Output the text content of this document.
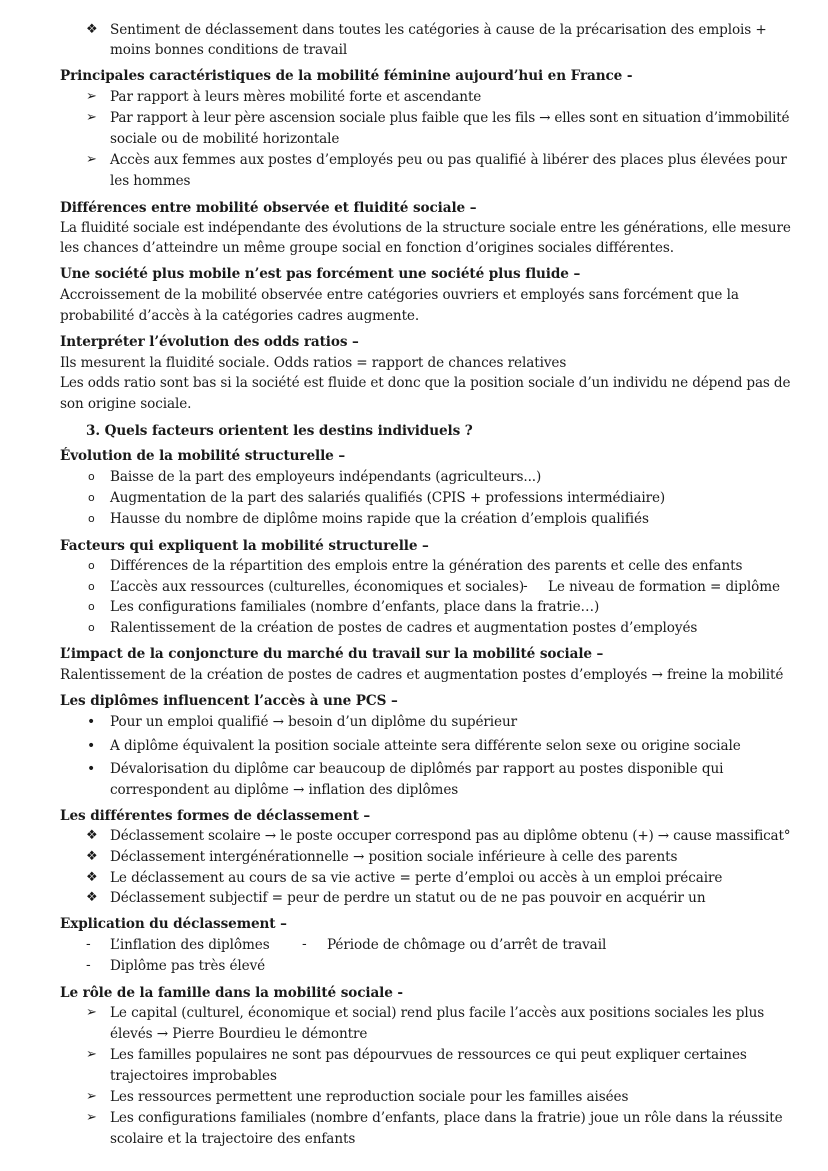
❖ Sentiment de déclassement dans toutes les catégories à cause de la précarisation des emplois +
moins bonnes conditions de travail
Principales caractéristiques de la mobilité féminine aujourd’hui en France -
➢ Par rapport à leurs mères mobilité forte et ascendante
➢ Par rapport à leur père ascension sociale plus faible que les fils → elles sont en situation d’immobilité
sociale ou de mobilité horizontale
➢ Accès aux femmes aux postes d’employés peu ou pas qualifié à libérer des places plus élevées pour
les hommes
Différences entre mobilité observée et fluidité sociale –
La fluidité sociale est indépendante des évolutions de la structure sociale entre les générations, elle mesure
les chances d’atteindre un même groupe social en fonction d’origines sociales différentes.
Une société plus mobile n’est pas forcément une société plus fluide –
Accroissement de la mobilité observée entre catégories ouvriers et employés sans forcément que la
probabilité d’accès à la catégories cadres augmente.
Interpréter l’évolution des odds ratios –
Ils mesurent la fluidité sociale. Odds ratios = rapport de chances relatives
Les odds ratio sont bas si la société est fluide et donc que la position sociale d’un individu ne dépend pas de
son origine sociale.
3. Quels facteurs orientent les destins individuels ?
Évolution de la mobilité structurelle –
o Baisse de la part des employeurs indépendants (agriculteurs...)
o Augmentation de la part des salariés qualifiés (CPIS + professions intermédiaire)
o Hausse du nombre de diplôme moins rapide que la création d’emplois qualifiés
Facteurs qui expliquent la mobilité structurelle –
o Différences de la répartition des emplois entre la génération des parents et celle des enfants
o L’accès aux ressources (culturelles, économiques et sociales)
- Le niveau de formation = diplôme
o Les configurations familiales (nombre d’enfants, place dans la fratrie…)
o Ralentissement de la création de postes de cadres et augmentation postes d’employés
L’impact de la conjoncture du marché du travail sur la mobilité sociale –
Ralentissement de la création de postes de cadres et augmentation postes d’employés → freine la mobilité
Les diplômes influencent l’accès à une PCS –
• Pour un emploi qualifié → besoin d’un diplôme du supérieur
• A diplôme équivalent la position sociale atteinte sera différente selon sexe ou origine sociale
• Dévalorisation du diplôme car beaucoup de diplômés par rapport au postes disponible qui
correspondent au diplôme → inflation des diplômes
Les différentes formes de déclassement –
❖ Déclassement scolaire → le poste occuper correspond pas au diplôme obtenu (+) → cause massificat°
❖ Déclassement intergénérationnelle → position sociale inférieure à celle des parents
❖ Le déclassement au cours de sa vie active = perte d’emploi ou accès à un emploi précaire
❖ Déclassement subjectif = peur de perdre un statut ou de ne pas pouvoir en acquérir un
Explication du déclassement –
- L’inflation des diplômes - Période de chômage ou d’arrêt de travail
- Diplôme pas très élevé
Le rôle de la famille dans la mobilité sociale -
➢ Le capital (culturel, économique et social) rend plus facile l’accès aux positions sociales les plus
élevés → Pierre Bourdieu le démontre
➢ Les familles populaires ne sont pas dépourvues de ressources ce qui peut expliquer certaines
trajectoires improbables
➢ Les ressources permettent une reproduction sociale pour les familles aisées
➢ Les configurations familiales (nombre d’enfants, place dans la fratrie) joue un rôle dans la réussite
scolaire et la trajectoire des enfants
